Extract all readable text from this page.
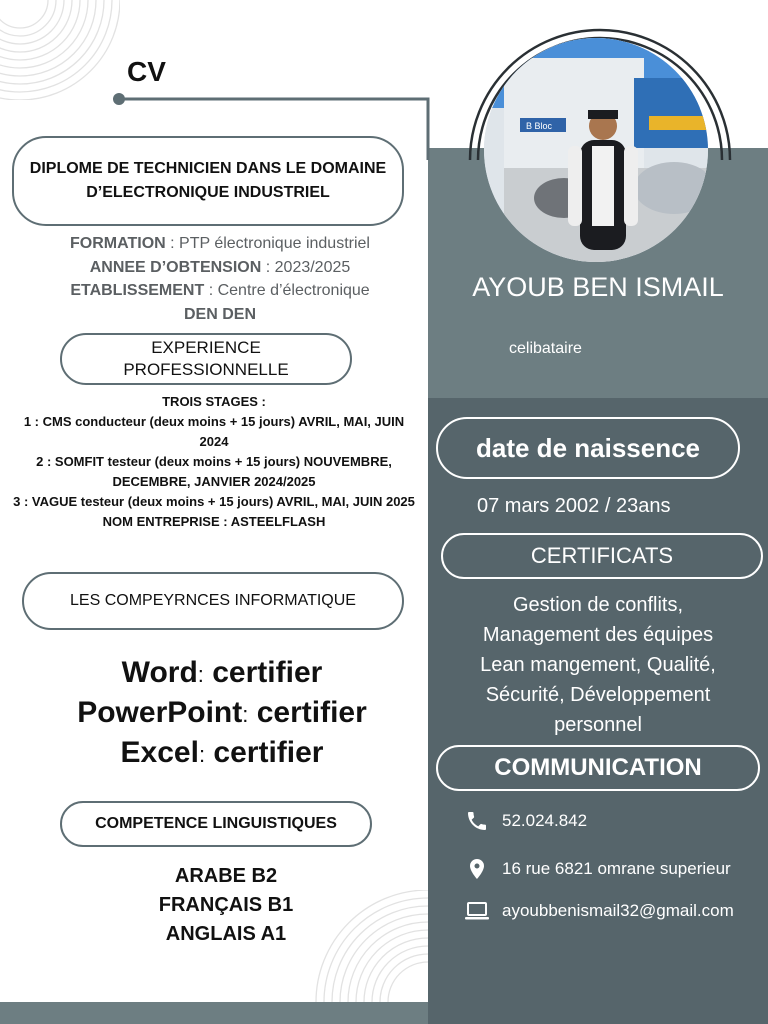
CV
B Bloc
DIPLOME DE TECHNICIEN DANS LE DOMAINE D’ELECTRONIQUE INDUSTRIEL
FORMATION : PTP électronique industriel
ANNEE D’OBTENSION : 2023/2025
ETABLISSEMENT : Centre d’électronique
DEN DEN
EXPERIENCE PROFESSIONNELLE
TROIS STAGES :
1 : CMS conducteur (deux moins + 15 jours) AVRIL, MAI, JUIN 2024
2 : SOMFIT testeur (deux moins + 15 jours) NOUVEMBRE, DECEMBRE, JANVIER 2024/2025
3 : VAGUE testeur (deux moins + 15 jours) AVRIL, MAI, JUIN 2025
NOM ENTREPRISE : ASTEELFLASH
LES COMPEYRNCES INFORMATIQUE
Word: certifier
PowerPoint: certifier
Excel: certifier
COMPETENCE LINGUISTIQUES
ARABE B2
FRANÇAIS B1
ANGLAIS A1
AYOUB BEN ISMAIL
celibataire
date de naissence
07 mars 2002 / 23ans
CERTIFICATS
Gestion de conflits,
Management des équipes
Lean mangement, Qualité,
Sécurité, Développement
personnel
COMMUNICATION
52.024.842
16 rue 6821 omrane superieur
ayoubbenismail32@gmail.com
